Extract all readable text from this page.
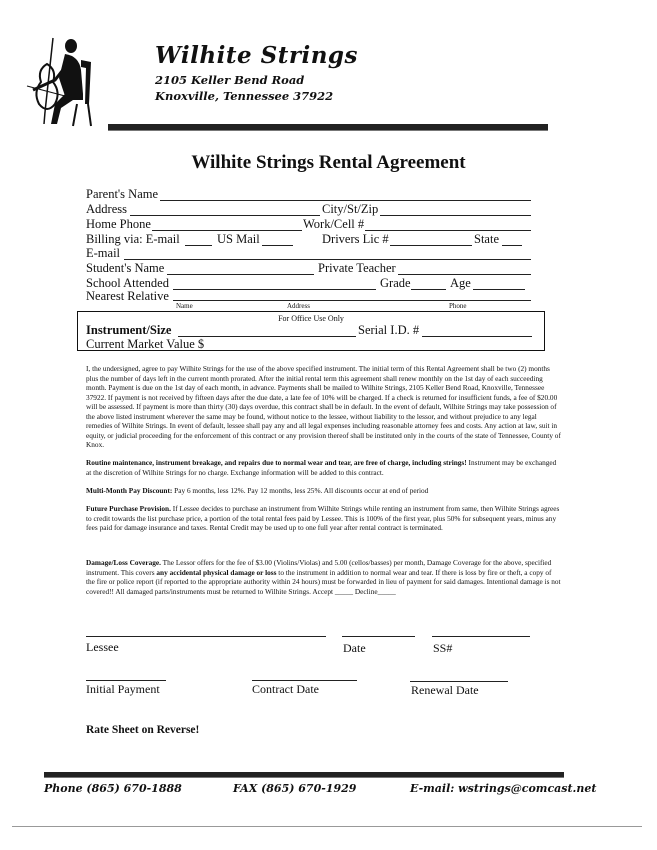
Wilhite Strings
2105 Keller Bend Road
Knoxville, Tennessee 37922
Wilhite Strings Rental Agreement
Parent's Name
Address	City/St/Zip
Home Phone	Work/Cell #
Billing via: E-mail	US Mail	Drivers Lic #	State
E-mail
Student's Name	Private Teacher
School Attended	Grade	Age
Nearest Relative
Name	Address	Phone
For Office Use Only
Instrument/Size	Serial I.D. #
Current Market Value $
I, the undersigned, agree to pay Wilhite Strings for the use of the above specified instrument. The initial term of this Rental Agreement shall be two (2) months plus the number of days left in the current month prorated. After the initial rental term this agreement shall renew monthly on the 1st day of each succeeding month. Payment is due on the 1st day of each month, in advance. Payments shall be mailed to Wilhite Strings, 2105 Keller Bend Road, Knoxville, Tennessee 37922. If payment is not received by fifteen days after the due date, a late fee of 10% will be charged. If a check is returned for insufficient funds, a fee of $20.00 will be assessed. If payment is more than thirty (30) days overdue, this contract shall be in default. In the event of default, Wilhite Strings may take possession of the above listed instrument wherever the same may be found, without notice to the lessee, without liability to the lessor, and without prejudice to any legal remedies of Wilhite Strings. In event of default, lessee shall pay any and all legal expenses including reasonable attorney fees and costs. Any action at law, suit in equity, or judicial proceeding for the enforcement of this contract or any provision thereof shall be instituted only in the courts of the state of Tennessee, County of Knox.
Routine maintenance, instrument breakage, and repairs due to normal wear and tear, are free of charge, including strings! Instrument may be exchanged at the discretion of Wilhite Strings for no charge. Exchange information will be added to this contract.
Multi-Month Pay Discount: Pay 6 months, less 12%. Pay 12 months, less 25%. All discounts occur at end of period
Future Purchase Provision. If Lessee decides to purchase an instrument from Wilhite Strings while renting an instrument from same, then Wilhite Strings agrees to credit towards the list purchase price, a portion of the total rental fees paid by Lessee. This is 100% of the first year, plus 50% for subsequent years, minus any fees paid for damage insurance and taxes. Rental Credit may be used up to one full year after rental contract is terminated.
Damage/Loss Coverage. The Lessor offers for the fee of $3.00 (Violins/Violas) and 5.00 (cellos/basses) per month, Damage Coverage for the above, specified instrument. This covers any accidental physical damage or loss to the instrument in addition to normal wear and tear. If there is loss by fire or theft, a copy of the fire or police report (if reported to the appropriate authority within 24 hours) must be forwarded in lieu of payment for said damages. Intentional damage is not covered!! All damaged parts/instruments must be returned to Wilhite Strings. Accept _____ Decline_____
Lessee	Date	SS#
Initial Payment	Contract Date	Renewal Date
Rate Sheet on Reverse!
Phone (865) 670-1888	FAX (865) 670-1929	E-mail: wstrings@comcast.net
